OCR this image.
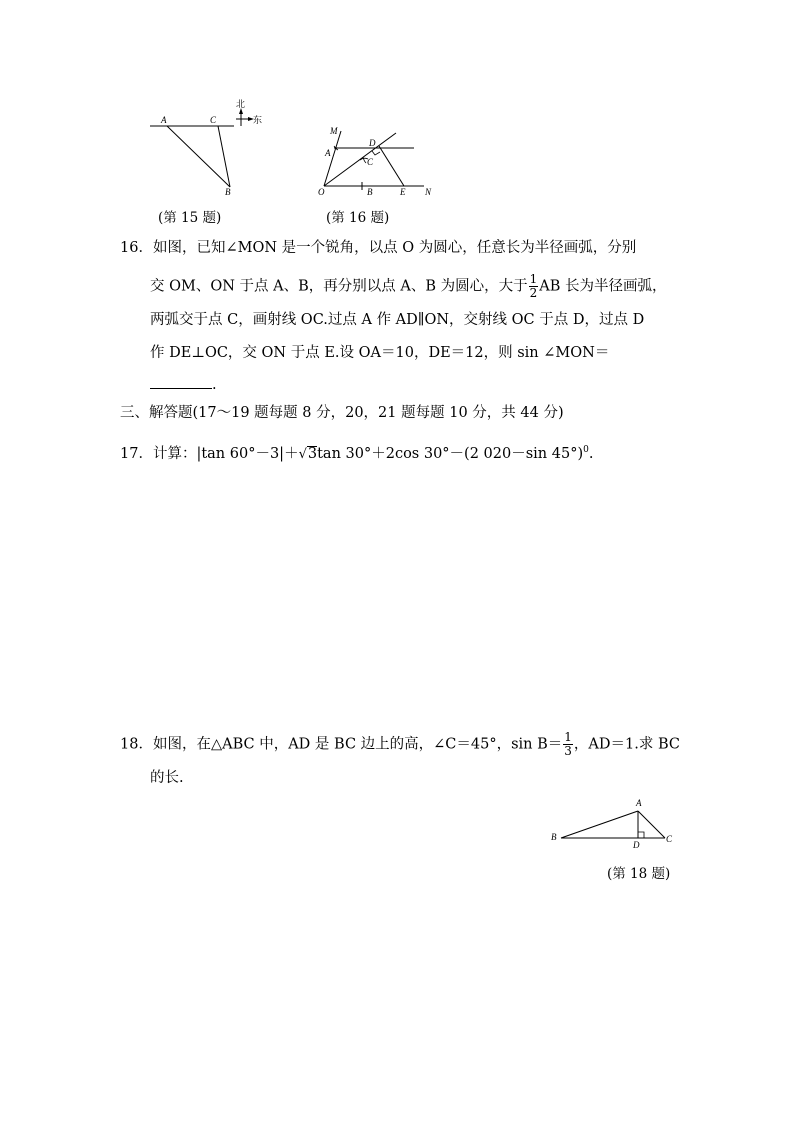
A	C
B
北
东
(第 15 题)
M
A
D
C
O	B	E N
(第 16 题)
16．如图，已知∠MON 是一个锐角，以点 O 为圆心，任意长为半径画弧，分别
交 OM、ON 于点 A、B，再分别以点 A、B 为圆心，大于 $\frac{1}{2}$ AB 长为半径画弧，
两弧交于点 C，画射线 OC.过点 A 作 AD∥ON，交射线 OC 于点 D，过点 D
作 DE⊥OC，交 ON 于点 E.设 OA＝10，DE＝12，则 sin ∠MON＝
.
三、解答题(17～19 题每题 8 分，20，21 题每题 10 分，共 44 分)
17．计算：|tan 60°－3|＋√3tan 30°＋2cos 30°－(2 020－sin 45°)$^0$.
18．如图，在△ABC 中，AD 是 BC 边上的高，∠C＝45°，$\sin B= \frac{1}{3}$ ，AD＝1.求 BC
的长.
A
B
D
C
(第 18 题)
